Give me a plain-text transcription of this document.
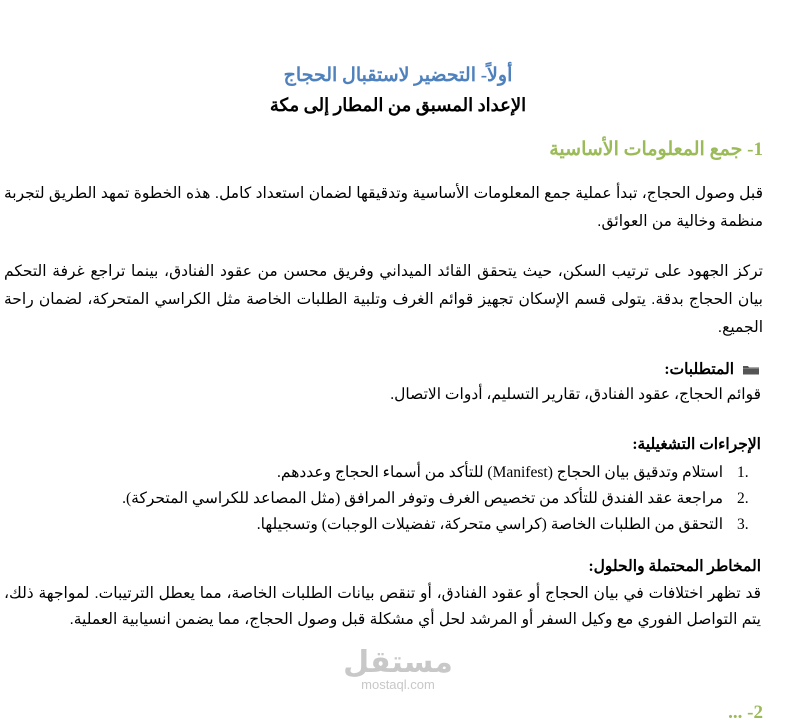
أولاً- التحضير لاستقبال الحجاج
الإعداد المسبق من المطار إلى مكة
1- جمع المعلومات الأساسية

قبل وصول الحجاج، تبدأ عملية جمع المعلومات الأساسية وتدقيقها لضمان استعداد كامل. هذه الخطوة تمهد الطريق لتجربة منظمة وخالية من العوائق.

تركز الجهود على ترتيب السكن، حيث يتحقق القائد الميداني وفريق محسن من عقود الفنادق، بينما تراجع غرفة التحكم بيان الحجاج بدقة. يتولى قسم الإسكان تجهيز قوائم الغرف وتلبية الطلبات الخاصة مثل الكراسي المتحركة، لضمان راحة الجميع.

المتطلبات:
قوائم الحجاج، عقود الفنادق، تقارير التسليم، أدوات الاتصال.
الإجراءات التشغيلية:
1.
استلام وتدقيق بيان الحجاج (Manifest) للتأكد من أسماء الحجاج وعددهم.
2.
مراجعة عقد الفندق للتأكد من تخصيص الغرف وتوفر المرافق (مثل المصاعد للكراسي المتحركة).
3.
التحقق من الطلبات الخاصة (كراسي متحركة، تفضيلات الوجبات) وتسجيلها.
المخاطر المحتملة والحلول:

قد تظهر اختلافات في بيان الحجاج أو عقود الفنادق، أو تنقص بيانات الطلبات الخاصة، مما يعطل الترتيبات. لمواجهة ذلك، يتم التواصل الفوري مع وكيل السفر أو المرشد لحل أي مشكلة قبل وصول الحجاج، مما يضمن انسيابية العملية.

مستقل
mostaql.com
2- ...
